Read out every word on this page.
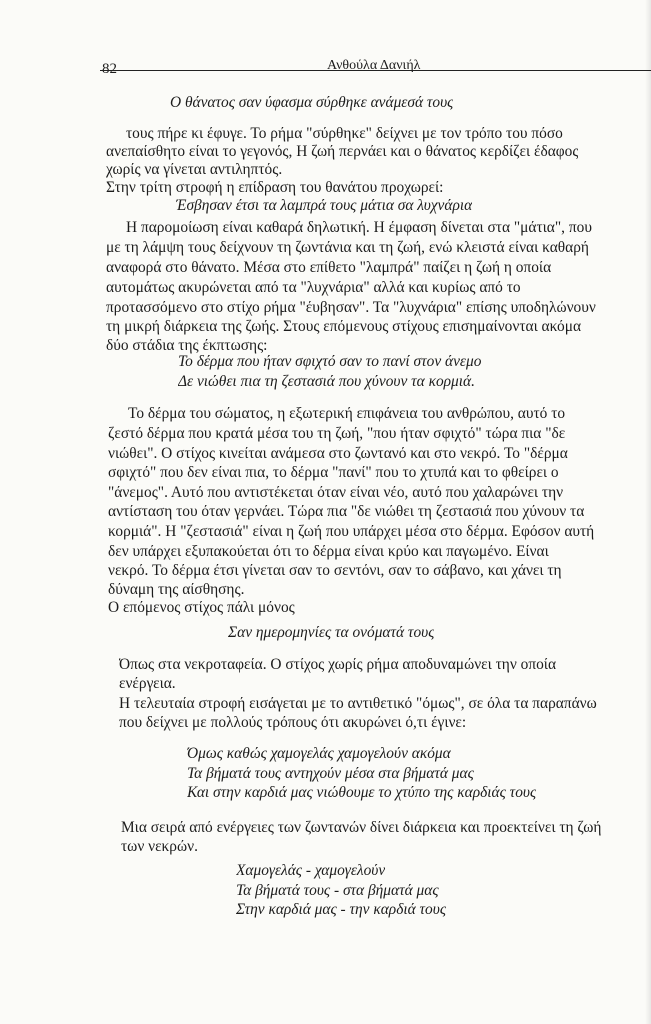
82	Ανθούλα Δανιήλ
Ο θάνατος σαν ύφασμα σύρθηκε ανάμεσά τους
τους πήρε κι έφυγε. Το ρήμα "σύρθηκε" δείχνει με τον τρόπο του πόσο
ανεπαίσθητο είναι το γεγονός, Η ζωή περνάει και ο θάνατος κερδίζει έδαφος
χωρίς να γίνεται αντιληπτός.
Στην τρίτη στροφή η επίδραση του θανάτου προχωρεί:
Έσβησαν έτσι τα λαμπρά τους μάτια σα λυχνάρια
Η παρομοίωση είναι καθαρά δηλωτική. Η έμφαση δίνεται στα "μάτια", που
με τη λάμψη τους δείχνουν τη ζωντάνια και τη ζωή, ενώ κλειστά είναι καθαρή
αναφορά στο θάνατο. Μέσα στο επίθετο "λαμπρά" παίζει η ζωή η οποία
αυτομάτως ακυρώνεται από τα "λυχνάρια" αλλά και κυρίως από το
προτασσόμενο στο στίχο ρήμα "έυβησαν". Τα "λυχνάρια" επίσης υποδηλώνουν
τη μικρή διάρκεια της ζωής. Στους επόμενους στίχους επισημαίνονται ακόμα
δύο στάδια της έκπτωσης:
Το δέρμα που ήταν σφιχτό σαν το πανί στον άνεμο
Δε νιώθει πια τη ζεστασιά που χύνουν τα κορμιά.
Το δέρμα του σώματος, η εξωτερική επιφάνεια του ανθρώπου, αυτό το
ζεστό δέρμα που κρατά μέσα του τη ζωή, "που ήταν σφιχτό" τώρα πια "δε
νιώθει". Ο στίχος κινείται ανάμεσα στο ζωντανό και στο νεκρό. Το "δέρμα
σφιχτό" που δεν είναι πια, το δέρμα "πανί" που το χτυπά και το φθείρει ο
"άνεμος". Αυτό που αντιστέκεται όταν είναι νέο, αυτό που χαλαρώνει την
αντίσταση του όταν γερνάει. Τώρα πια "δε νιώθει τη ζεστασιά που χύνουν τα
κορμιά". Η "ζεστασιά" είναι η ζωή που υπάρχει μέσα στο δέρμα. Εφόσον αυτή
δεν υπάρχει εξυπακούεται ότι το δέρμα είναι κρύο και παγωμένο. Είναι
νεκρό. Το δέρμα έτσι γίνεται σαν το σεντόνι, σαν το σάβανο, και χάνει τη
δύναμη της αίσθησης.
Ο επόμενος στίχος πάλι μόνος
Σαν ημερομηνίες τα ονόματά τους
Όπως στα νεκροταφεία. Ο στίχος χωρίς ρήμα αποδυναμώνει την οποία
ενέργεια.
Η τελευταία στροφή εισάγεται με το αντιθετικό "όμως", σε όλα τα παραπάνω
που δείχνει με πολλούς τρόπους ότι ακυρώνει ό,τι έγινε:
Όμως καθώς χαμογελάς χαμογελούν ακόμα
Τα βήματά τους αντηχούν μέσα στα βήματά μας
Και στην καρδιά μας νιώθουμε το χτύπο της καρδιάς τους
Μια σειρά από ενέργειες των ζωντανών δίνει διάρκεια και προεκτείνει τη ζωή
των νεκρών.
Χαμογελάς - χαμογελούν
Τα βήματά τους - στα βήματά μας
Στην καρδιά μας - την καρδιά τους
